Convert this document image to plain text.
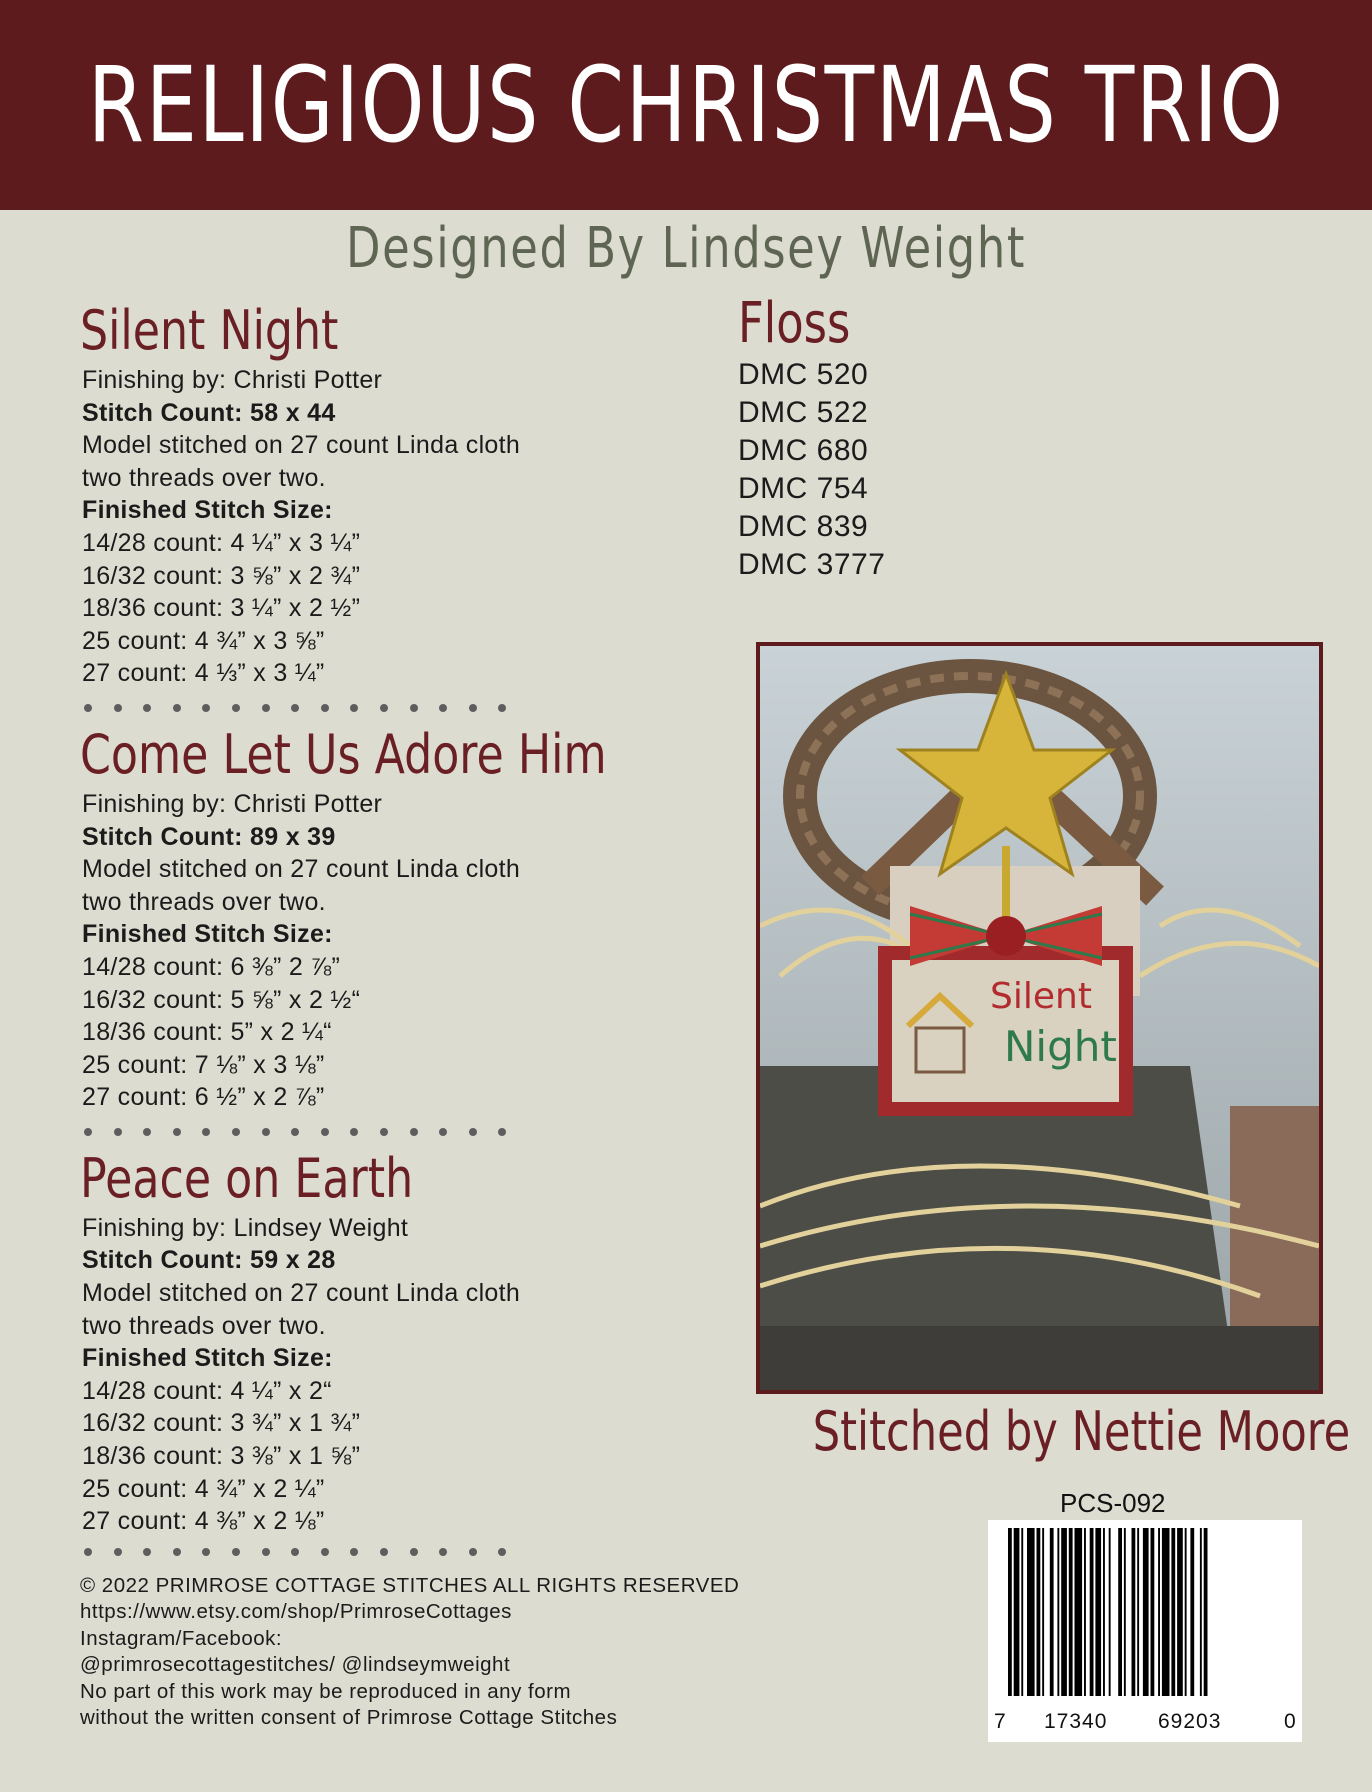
RELIGIOUS CHRISTMAS TRIO
Designed By Lindsey Weight
Silent Night
Finishing by: Christi Potter
Stitch Count: 58 x 44
Model stitched on 27 count Linda cloth
two threads over two.
Finished Stitch Size:
14/28 count: 4 ¼” x 3 ¼”
16/32 count: 3 ⅝” x 2 ¾”
18/36 count: 3 ¼” x 2 ½”
25 count: 4 ¾” x 3 ⅝”
27 count: 4 ⅓” x 3 ¼”
Come Let Us Adore Him
Finishing by: Christi Potter
Stitch Count: 89 x 39
Model stitched on 27 count Linda cloth
two threads over two.
Finished Stitch Size:
14/28 count: 6 ⅜” 2 ⅞”
16/32 count: 5 ⅝” x 2 ½“
18/36 count: 5” x 2 ¼“
25 count: 7 ⅛” x 3 ⅛”
27 count: 6 ½” x 2 ⅞”
Peace on Earth
Finishing by: Lindsey Weight
Stitch Count: 59 x 28
Model stitched on 27 count Linda cloth
two threads over two.
Finished Stitch Size:
14/28 count: 4 ¼” x 2“
16/32 count: 3 ¾” x 1 ¾”
18/36 count: 3 ⅜” x 1 ⅝”
25 count: 4 ¾” x 2 ¼”
27 count: 4 ⅜” x 2 ⅛”
Floss
DMC 520
DMC 522
DMC 680
DMC 754
DMC 839
DMC 3777
Silent
Night
Stitched by Nettie Moore
PCS-092
7 17340 69203	0
© 2022 PRIMROSE COTTAGE STITCHES ALL RIGHTS RESERVED
https://www.etsy.com/shop/PrimroseCottages
Instagram/Facebook:
@primrosecottagestitches/ @lindseymweight
No part of this work may be reproduced in any form
without the written consent of Primrose Cottage Stitches
